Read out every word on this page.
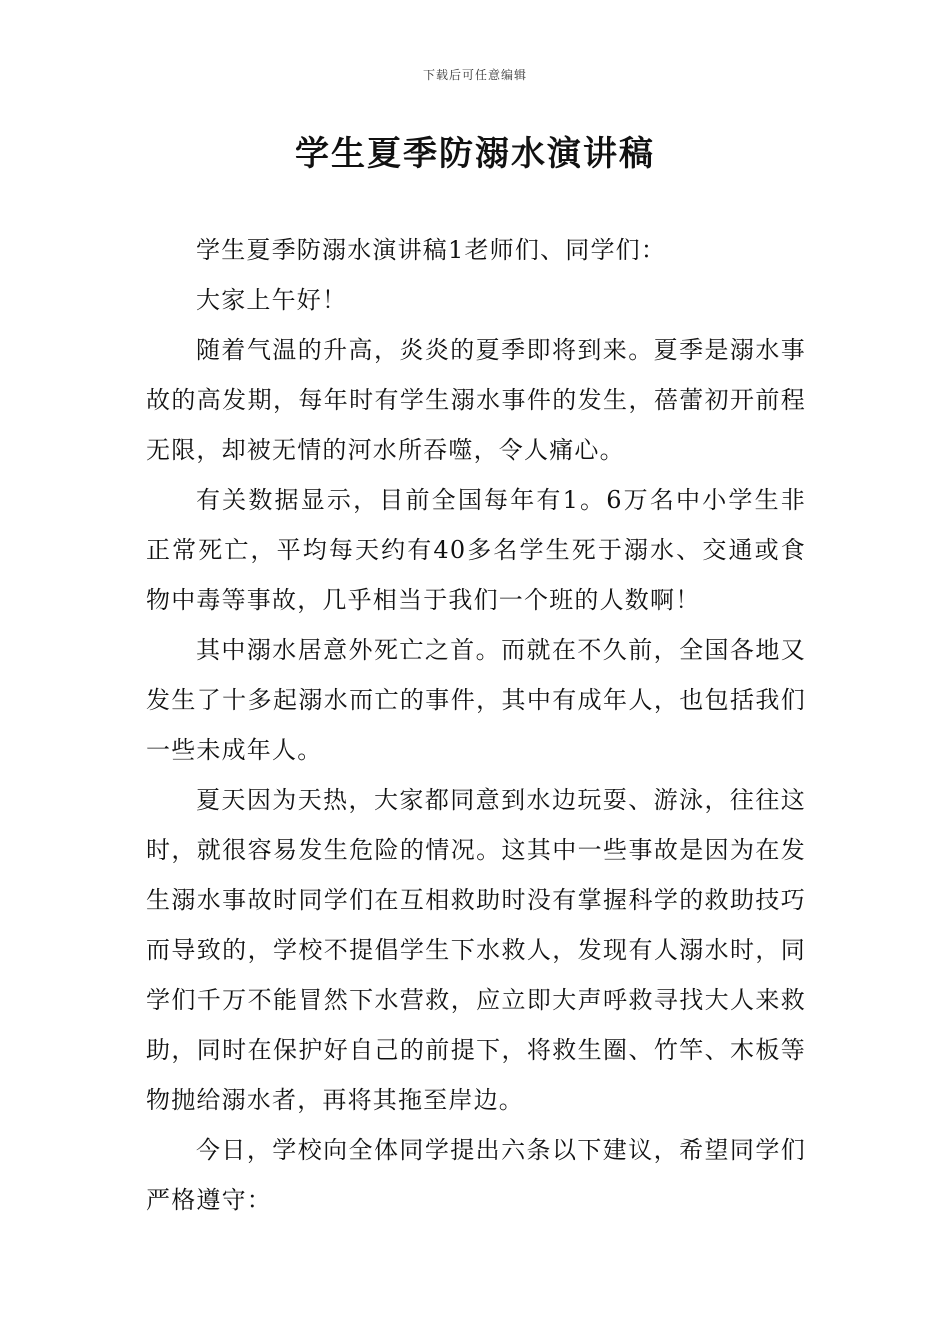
下载后可任意编辑
学生夏季防溺水演讲稿

学生夏季防溺水演讲稿1老师们、同学们：

大家上午好！

随着气温的升高，炎炎的夏季即将到来。夏季是溺水事故的高发期，每年时有学生溺水事件的发生，蓓蕾初开前程无限，却被无情的河水所吞噬，令人痛心。

有关数据显示，目前全国每年有1。6万名中小学生非正常死亡，平均每天约有40多名学生死于溺水、交通或食物中毒等事故，几乎相当于我们一个班的人数啊！

其中溺水居意外死亡之首。而就在不久前，全国各地又发生了十多起溺水而亡的事件，其中有成年人，也包括我们一些未成年人。

夏天因为天热，大家都同意到水边玩耍、游泳，往往这时，就很容易发生危险的情况。这其中一些事故是因为在发生溺水事故时同学们在互相救助时没有掌握科学的救助技巧而导致的，学校不提倡学生下水救人，发现有人溺水时，同学们千万不能冒然下水营救，应立即大声呼救寻找大人来救助，同时在保护好自己的前提下，将救生圈、竹竿、木板等物抛给溺水者，再将其拖至岸边。

今日，学校向全体同学提出六条以下建议，希望同学们严格遵守：
